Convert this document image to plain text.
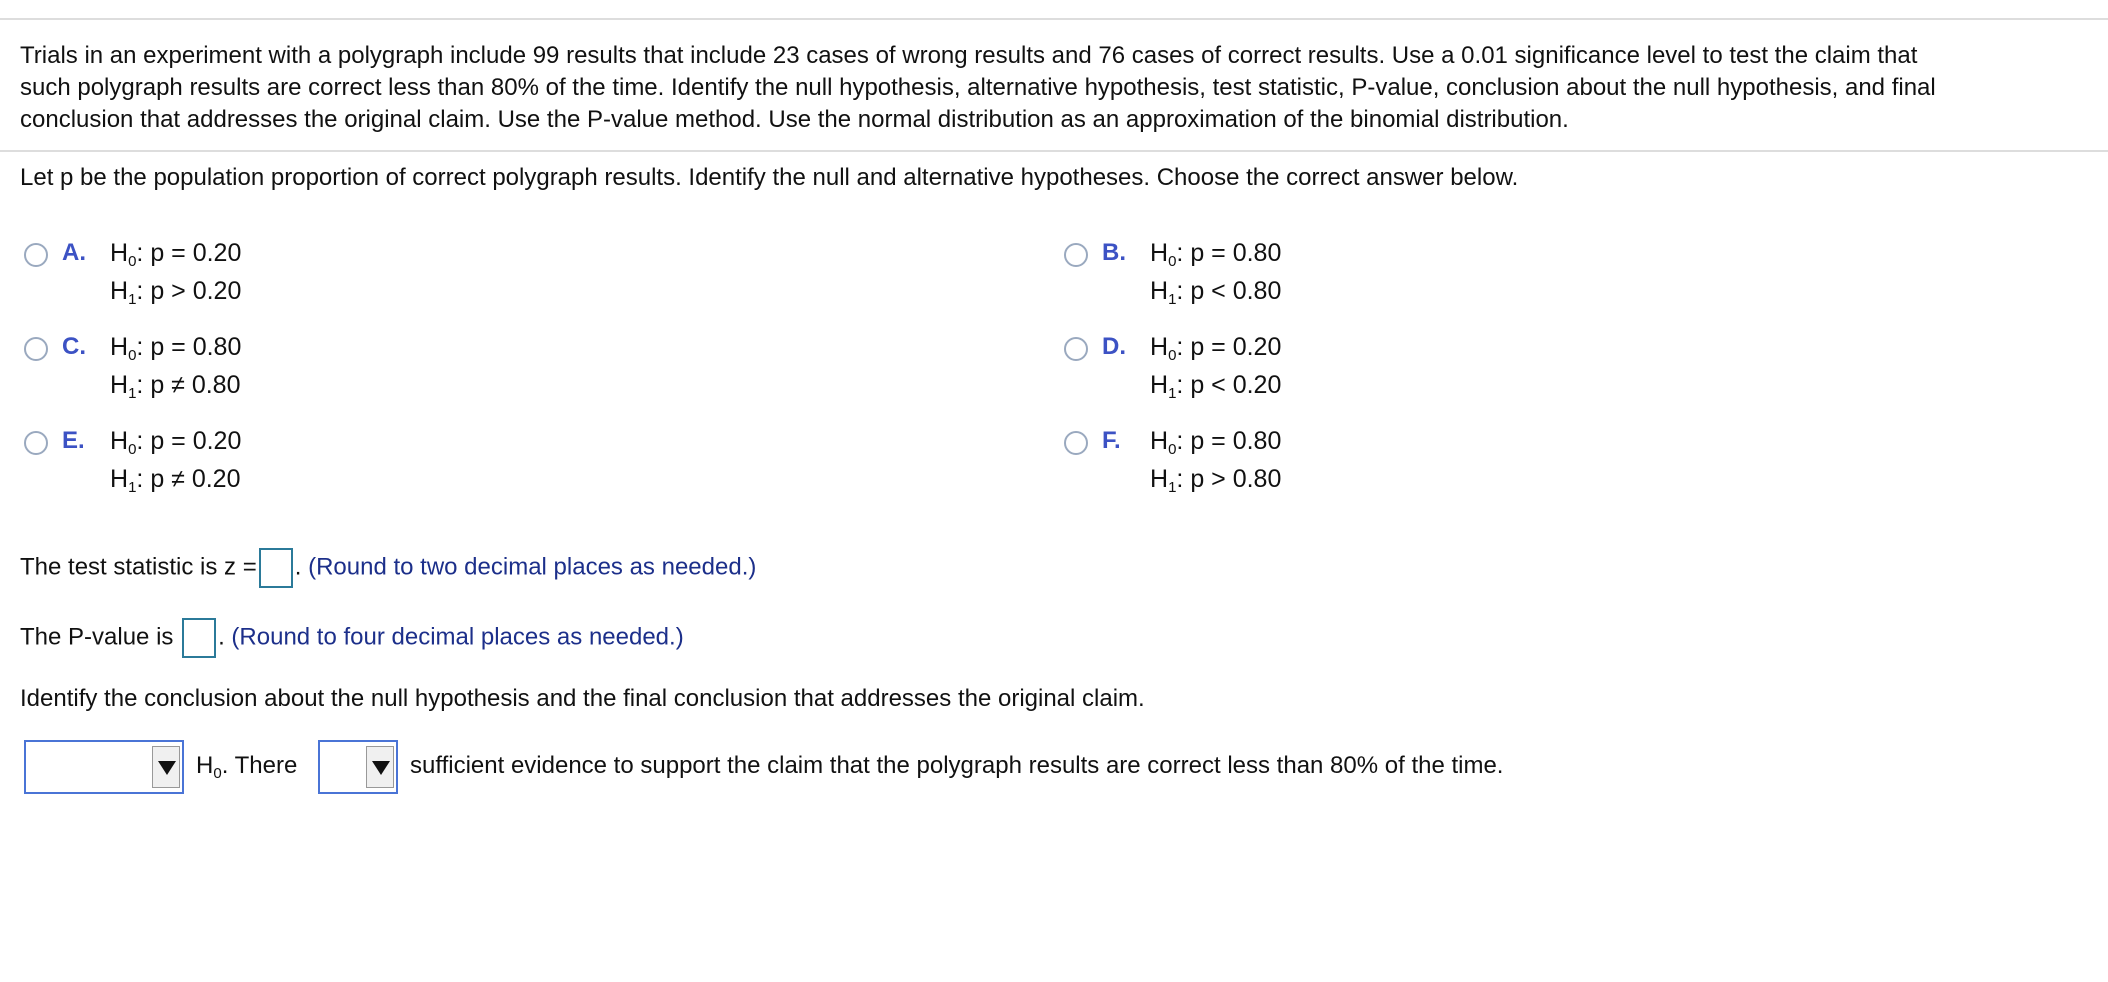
Trials in an experiment with a polygraph include 99 results that include 23 cases of wrong results and 76 cases of correct results. Use a 0.01 significance level to test the claim that
such polygraph results are correct less than 80% of the time. Identify the null hypothesis, alternative hypothesis, test statistic, P-value, conclusion about the null hypothesis, and final
conclusion that addresses the original claim. Use the P-value method. Use the normal distribution as an approximation of the binomial distribution.
Let p be the population proportion of correct polygraph results. Identify the null and alternative hypotheses. Choose the correct answer below.
A. $H_0$: p = 0.20
$H_1$: p > 0.20
B. $H_0$: p = 0.80
$H_1$: p < 0.80
C. $H_0$: p = 0.80
$H_1$: p ≠ 0.80
D. $H_0$: p = 0.20
$H_1$: p < 0.20
E. $H_0$: p = 0.20
$H_1$: p ≠ 0.20
F. $H_0$: p = 0.80
$H_1$: p > 0.80
The test statistic is z = . (Round to two decimal places as needed.)
The P-value is . (Round to four decimal places as needed.)
Identify the conclusion about the null hypothesis and the final conclusion that addresses the original claim.
$H_0$. There	sufficient evidence to support the claim that the polygraph results are correct less than 80% of the time.
